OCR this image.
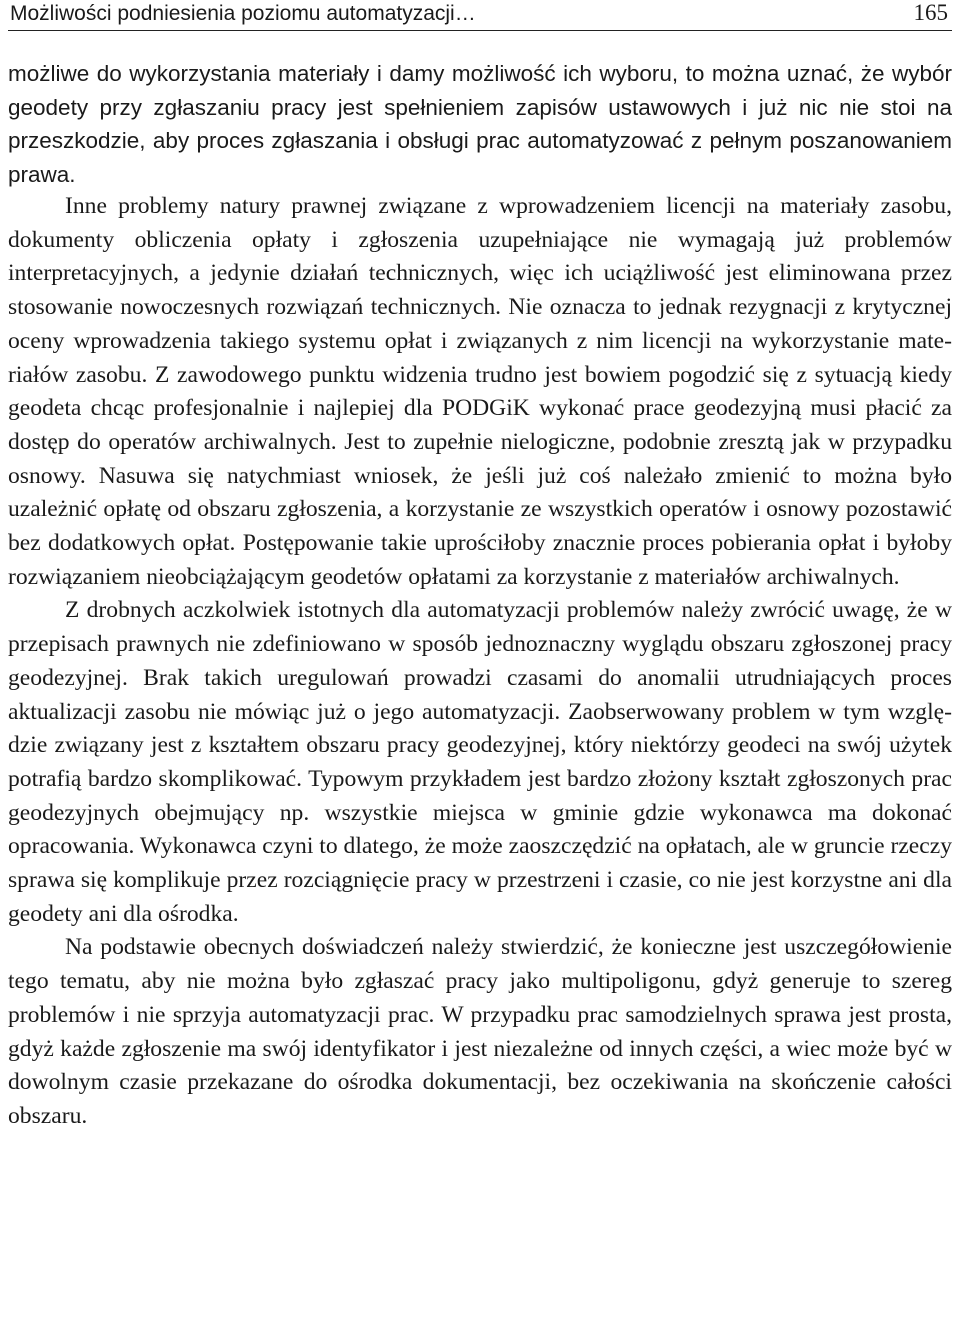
Możliwości podniesienia poziomu automatyzacji…	165
możliwe do wykorzystania materiały i damy możliwość ich wyboru, to można uznać, że wybór geodety przy zgłaszaniu pracy jest spełnieniem zapisów ustawowych i już nic nie stoi na przeszkodzie, aby proces zgłaszania i obsługi prac automatyzować z pełnym poszanowaniem prawa.

Inne problemy natury prawnej związane z wprowadzeniem licencji na materiały zasobu, dokumenty obliczenia opłaty i zgłoszenia uzupełniające nie wymagają już problemów interpretacyjnych, a jedynie działań technicznych, więc ich uciążliwość jest eliminowana przez stosowanie nowoczesnych rozwiązań technicznych. Nie oznacza to jednak rezygnacji z krytycznej oceny wprowadzenia takiego systemu opłat i związanych z nim licencji na wykorzystanie materiałów zasobu. Z zawodowego punktu widzenia trudno jest bowiem pogodzić się z sytuacją kiedy geodeta chcąc profesjonalnie i najlepiej dla PODGiK wykonać prace geodezyjną musi płacić za dostęp do operatów archiwalnych. Jest to zupełnie nielogiczne, podobnie zresztą jak w przypadku osnowy. Nasuwa się natychmiast wniosek, że jeśli już coś należało zmienić to można było uzależnić opłatę od obszaru zgłoszenia, a korzystanie ze wszystkich operatów i osnowy pozostawić bez dodatkowych opłat. Postępowanie takie uprościłoby znacznie proces pobierania opłat i byłoby rozwiązaniem nieobciążającym geodetów opłatami za korzystanie z materiałów archiwalnych.

Z drobnych aczkolwiek istotnych dla automatyzacji problemów należy zwrócić uwagę, że w przepisach prawnych nie zdefiniowano w sposób jednoznaczny wyglądu obszaru zgłoszonej pracy geodezyjnej. Brak takich uregulowań prowadzi czasami do anomalii utrudniających proces aktualizacji zasobu nie mówiąc już o jego automatyzacji. Zaobserwowany problem w tym względzie związany jest z kształtem obszaru pracy geodezyjnej, który niektórzy geodeci na swój użytek potrafią bardzo skomplikować. Typowym przykładem jest bardzo złożony kształt zgłoszonych prac geodezyjnych obejmujący np. wszystkie miejsca w gminie gdzie wykonawca ma dokonać opracowania. Wykonawca czyni to dlatego, że może zaoszczędzić na opłatach, ale w gruncie rzeczy sprawa się komplikuje przez rozciągnięcie pracy w przestrzeni i czasie, co nie jest korzystne ani dla geodety ani dla ośrodka.

Na podstawie obecnych doświadczeń należy stwierdzić, że konieczne jest uszczegółowienie tego tematu, aby nie można było zgłaszać pracy jako multipoligonu, gdyż generuje to szereg problemów i nie sprzyja automatyzacji prac. W przypadku prac samodzielnych sprawa jest prosta, gdyż każde zgłoszenie ma swój identyfikator i jest niezależne od innych części, a wiec może być w dowolnym czasie przekazane do ośrodka dokumentacji, bez oczekiwania na skończenie całości obszaru.
